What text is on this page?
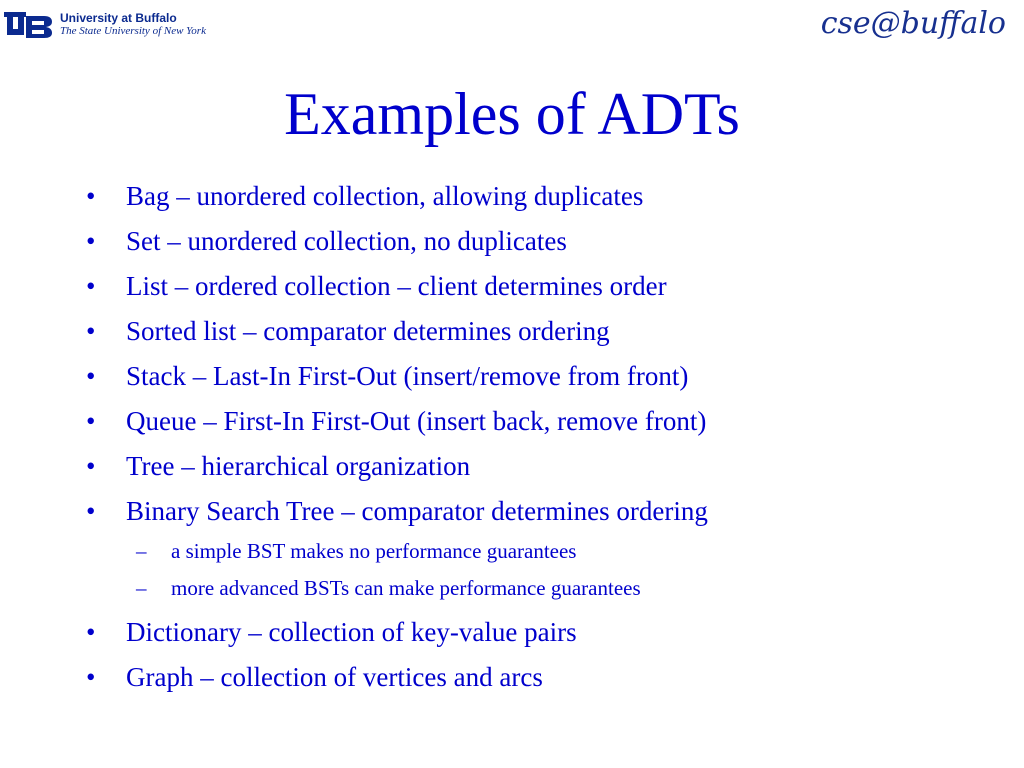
University at Buffalo
The State University of New York	cse@buffalo
Examples of ADTs
• Bag – unordered collection, allowing duplicates
• Set – unordered collection, no duplicates
• List – ordered collection – client determines order
• Sorted list – comparator determines ordering
• Stack – Last-In First-Out (insert/remove from front)
• Queue – First-In First-Out (insert back, remove front)
• Tree – hierarchical organization
• Binary Search Tree – comparator determines ordering
– a simple BST makes no performance guarantees
– more advanced BSTs can make performance guarantees
• Dictionary – collection of key-value pairs
• Graph – collection of vertices and arcs
